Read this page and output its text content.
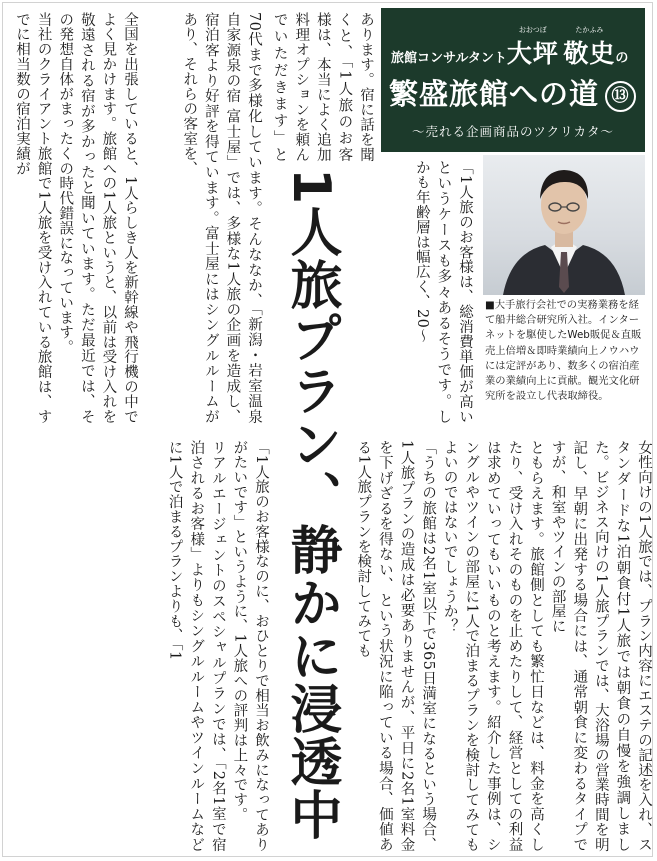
旅館コンサルタント
おおつぼ
大坪
たかふみ
敬史の
繁盛旅館への道 ⑬
〜売れる企画商品のツクリカタ〜
■大手旅行会社での実務業務を経て船井総合研究所入社。インターネットを駆使したWeb販促＆直販売上倍増＆即時業績向上ノウハウには定評があり、数多くの宿泊産業の業績向上に貢献。観光文化研究所を設立し代表取締役。
全国を出張していると、1人らしき人を新幹線や飛行機の中でよく見かけます。旅館への1人旅というと、以前は受け入れを敬遠される宿が多かったと聞いています。ただ最近では、その発想自体がまったくの時代錯誤になっています。
当社のクライアント旅館で1人旅を受け入れている旅館は、すでに相当数の宿泊実績が	あります。宿に話を聞くと、「1人旅のお客様は、本当によく追加料理オプションを頼んでいただきます」と
「1人旅のお客様は、総消費単価が高いというケースも多々あるそうです。しかも年齢層は幅広く、20～
1人旅プラン、静かに浸透中
「1人旅のお客様なのに、おひとりで相当お飲みになってありがたいです」というように、1人旅への評判は上々です。
リアルエージェントのスペシャルプランでは、「2名1室で宿泊されるお客様」よりもシングルルームやツインルームなどに1人で泊まるプランよりも、「1
70代まで多様化しています。そんななか、「新潟・岩室温泉 自家源泉の宿 富士屋」では、多様な1人旅の企画を造成し、宿泊客より好評を得ています。富士屋にはシングルルームがあり、それらの客室を、
女性向けの1人旅では、プラン内容にエステの記述を入れ、スタンダードな1泊朝食付1人旅では朝食の自慢を強調しました。ビジネス向けの1人旅プランでは、大浴場の営業時間を明記し、早朝に出発する場合には、通常朝食に変わるタイプですが、和室やツインの部屋に
ともらえます。旅館側としても繁忙日などは、料金を高くしたり、受け入れそのものを止めたりして、経営としての利益は求めていってもいいものと考えます。紹介した事例は、シングルやツインの部屋に1人で泊まるプランを検討してみてもよいのではないでしょうか？
「うちの旅館は2名1室以下で365日満室になるという場合、1人旅プランの造成は必要ありませんが、平日に2名1室料金を下げざるを得ない、という状況に陥っている場合、価値ある1人旅プランを検討してみても
